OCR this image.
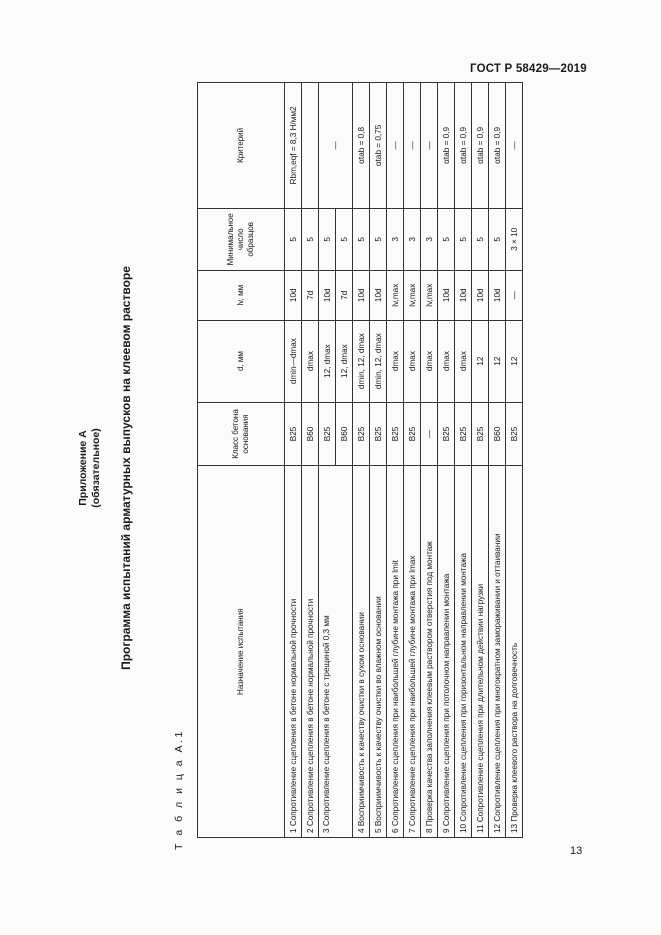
ГОСТ Р 58429—2019
Приложение А (обязательное) Программа испытаний арматурных выпусков на клеевом растворе
Т а б л и ц а А.1
Назначение испытания	Класс бетона основания	d, мм	lv, мм	Минимальное число образцов	Критерий
1 Сопротивление сцепления в бетоне нормальной прочности	В25	dmin—dmax	10d	5	Rbm,eqf = 8,3 Н/мм2
2 Сопротивление сцепления в бетоне нормальной прочности	В60	dmax	7d	5	
3 Сопротивление сцепления в бетоне с трещиной 0,3 мм	В25	12, dmax	10d	5	—
	В60	12, dmax	7d	5	
4 Восприимчивость к качеству очистки в сухом основании	В25	dmin, 12, dmax	10d	5	αtab = 0,8
5 Восприимчивость к качеству очистки во влажном основании	В25	dmin, 12, dmax	10d	5	αtab = 0,75
6 Сопротивление сцепления при наибольшей глубине монтажа при lmit	В25	dmax	lv,max	3	—
7 Сопротивление сцепления при наибольшей глубине монтажа при lmax	В25	dmax	lv,max	3	—
8 Проверка качества заполнения клеевым раствором отверстия под монтаж	—	dmax	lv,max	3	—
9 Сопротивление сцепления при потолочном направлении монтажа	В25	dmax	10d	5	αtab = 0,9
10 Сопротивление сцепления при горизонтальном направлении монтажа	В25	dmax	10d	5	αtab = 0,9
11 Сопротивление сцепления при длительном действии нагрузки	В25	12	10d	5	αtab = 0,9
12 Сопротивление сцепления при многократном замораживании и оттаивании	В60	12	10d	5	αtab = 0,9
13 Проверка клеевого раствора на долговечность	В25	12	—	3 × 10	—
13
